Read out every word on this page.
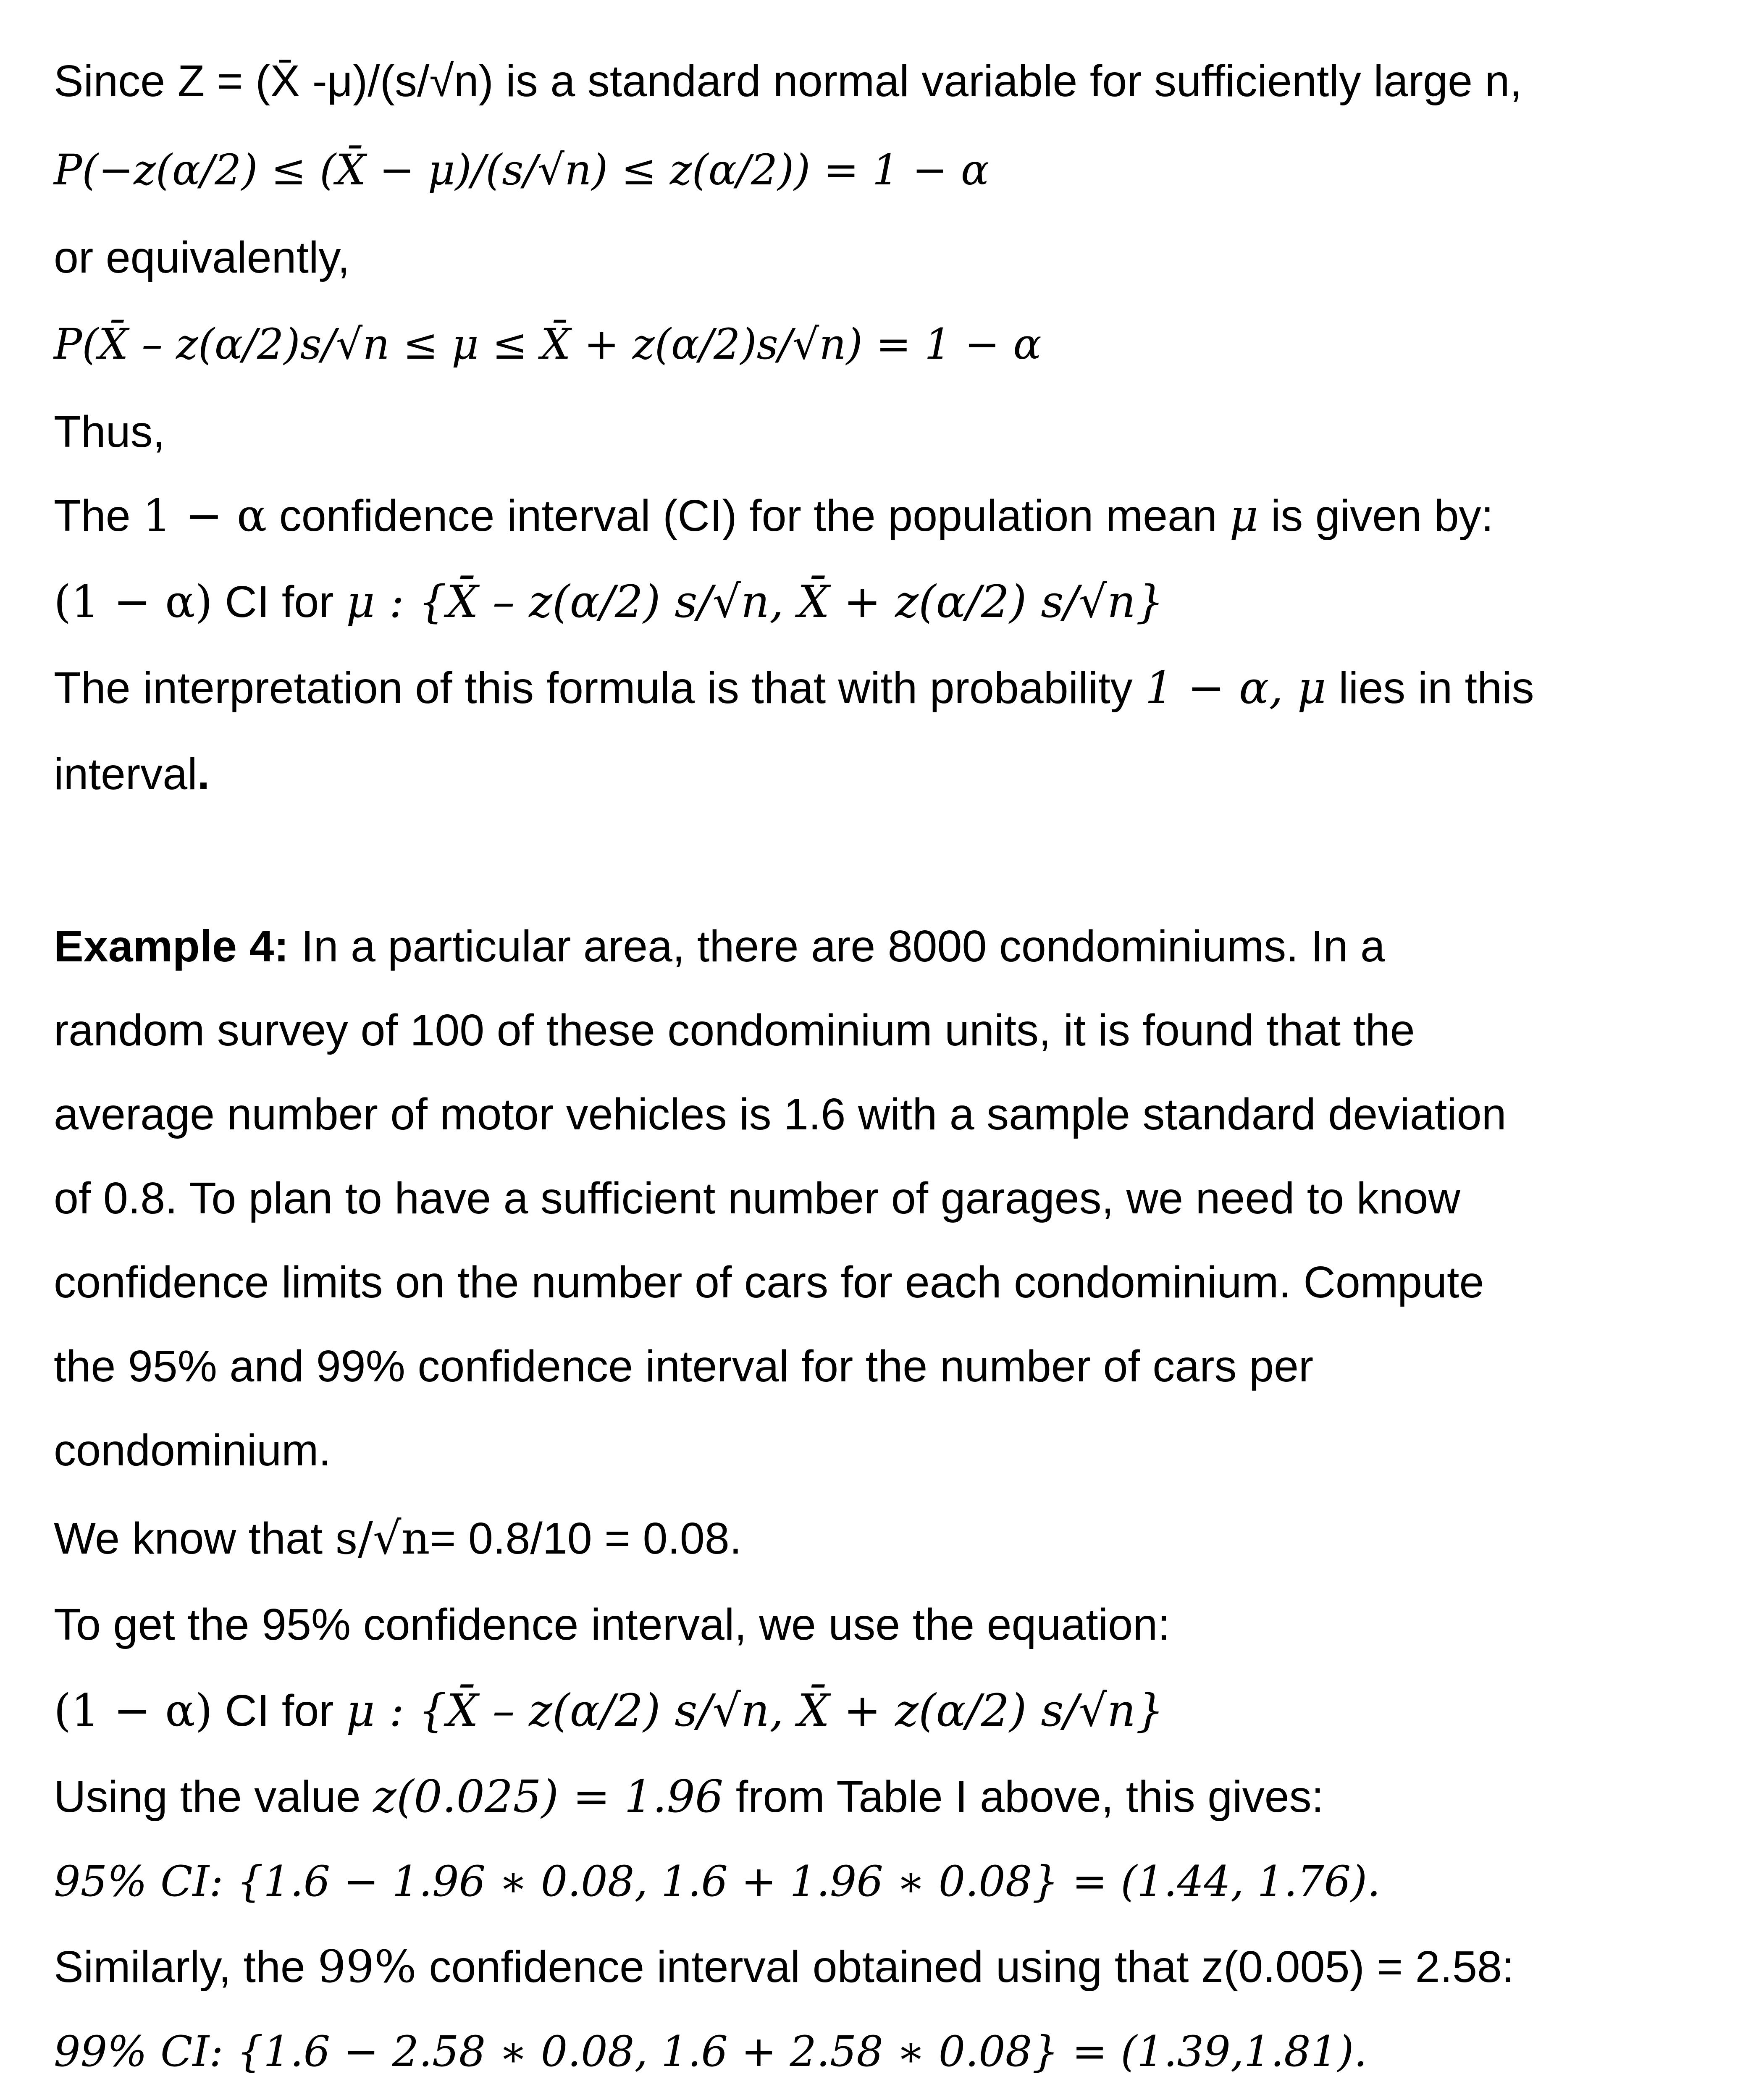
Since Z = (X̄ -μ)/(s/√n) is a standard normal variable for sufficiently large n,
P(−z(α/2) ≤ (X̄ − μ)/(s/√n) ≤ z(α/2)) = 1 − α
or equivalently,
P(X̄ – z(α/2)s/√n ≤ μ ≤ X̄ + z(α/2)s/√n) = 1 − α
Thus,
The 1 − α confidence interval (CI) for the population mean μ is given by:
(1 − α) CI for μ : {X̄ – z(α/2) s/√n, X̄ + z(α/2) s/√n}
The interpretation of this formula is that with probability 1 − α, μ lies in this
interval.
Example 4: In a particular area, there are 8000 condominiums. In a
random survey of 100 of these condominium units, it is found that the
average number of motor vehicles is 1.6 with a sample standard deviation
of 0.8. To plan to have a sufficient number of garages, we need to know
confidence limits on the number of cars for each condominium. Compute
the 95% and 99% confidence interval for the number of cars per
condominium.
We know that s/√n= 0.8/10 = 0.08.
To get the 95% confidence interval, we use the equation:
(1 − α) CI for μ : {X̄ – z(α/2) s/√n, X̄ + z(α/2) s/√n}
Using the value z(0.025) = 1.96 from Table I above, this gives:
95% CI: {1.6 − 1.96 ∗ 0.08, 1.6 + 1.96 ∗ 0.08} = (1.44, 1.76).
Similarly, the 99% confidence interval obtained using that z(0.005) = 2.58:
99% CI: {1.6 − 2.58 ∗ 0.08, 1.6 + 2.58 ∗ 0.08} = (1.39,1.81).
